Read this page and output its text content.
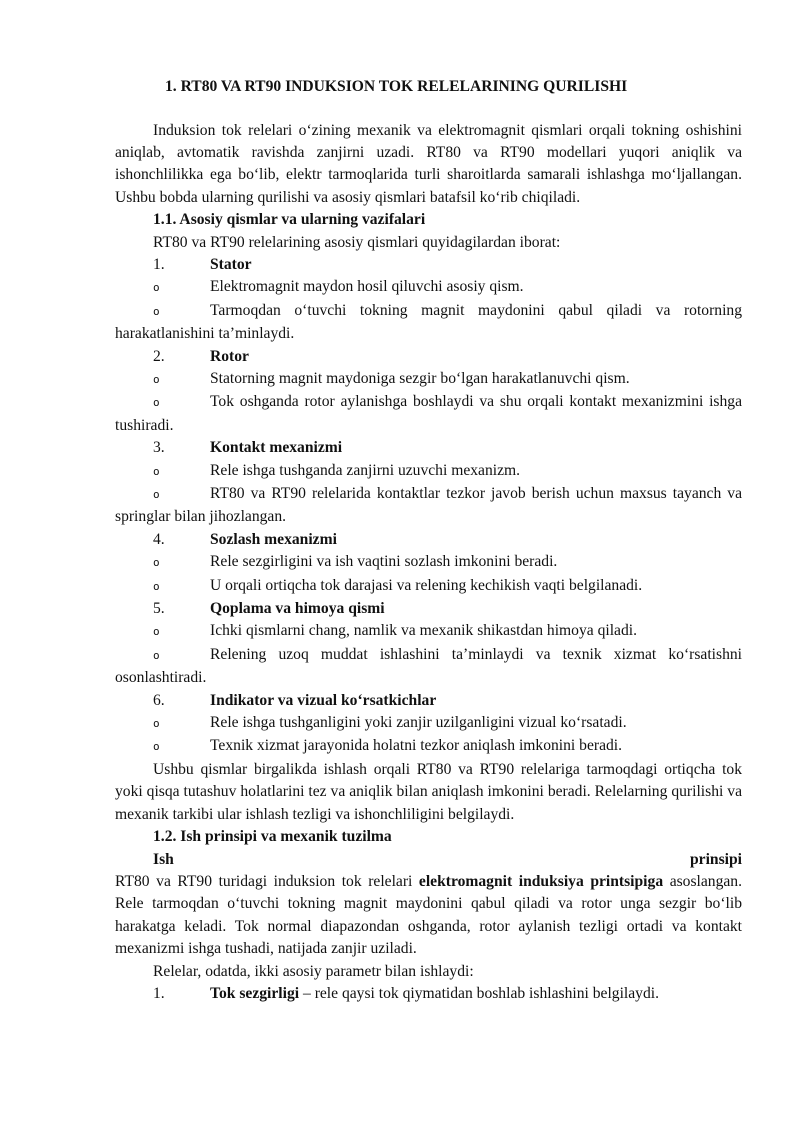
1. RT80 VA RT90 INDUKSION TOK RELELARINING QURILISHI

Induksion tok relelari o‘zining mexanik va elektromagnit qismlari orqali tokning oshishini aniqlab, avtomatik ravishda zanjirni uzadi. RT80 va RT90 modellari yuqori aniqlik va ishonchlilikka ega bo‘lib, elektr tarmoqlarida turli sharoitlarda samarali ishlashga mo‘ljallangan. Ushbu bobda ularning qurilishi va asosiy qismlari batafsil ko‘rib chiqiladi.

1.1. Asosiy qismlar va ularning vazifalari

RT80 va RT90 relelarining asosiy qismlari quyidagilardan iborat:

1.	Stator

o	Elektromagnit maydon hosil qiluvchi asosiy qism.

o	Tarmoqdan o‘tuvchi tokning magnit maydonini qabul qiladi va rotorning harakatlanishini ta’minlaydi.

2.	Rotor

o	Statorning magnit maydoniga sezgir bo‘lgan harakatlanuvchi qism.

o	Tok oshganda rotor aylanishga boshlaydi va shu orqali kontakt mexanizmini ishga tushiradi.

3.	Kontakt mexanizmi

o	Rele ishga tushganda zanjirni uzuvchi mexanizm.

o	RT80 va RT90 relelarida kontaktlar tezkor javob berish uchun maxsus tayanch va springlar bilan jihozlangan.

4.	Sozlash mexanizmi

o	Rele sezgirligini va ish vaqtini sozlash imkonini beradi.

o	U orqali ortiqcha tok darajasi va relening kechikish vaqti belgilanadi.

5.	Qoplama va himoya qismi

o	Ichki qismlarni chang, namlik va mexanik shikastdan himoya qiladi.

o	Relening uzoq muddat ishlashini ta’minlaydi va texnik xizmat ko‘rsatishni osonlashtiradi.

6.	Indikator va vizual ko‘rsatkichlar

o	Rele ishga tushganligini yoki zanjir uzilganligini vizual ko‘rsatadi.

o	Texnik xizmat jarayonida holatni tezkor aniqlash imkonini beradi.

Ushbu qismlar birgalikda ishlash orqali RT80 va RT90 relelariga tarmoqdagi ortiqcha tok yoki qisqa tutashuv holatlarini tez va aniqlik bilan aniqlash imkonini beradi. Relelarning qurilishi va mexanik tarkibi ular ishlash tezligi va ishonchliligini belgilaydi.

1.2. Ish prinsipi va mexanik tuzilma

Ish	prinsipi

RT80 va RT90 turidagi induksion tok relelari elektromagnit induksiya printsipiga asoslangan. Rele tarmoqdan o‘tuvchi tokning magnit maydonini qabul qiladi va rotor unga sezgir bo‘lib harakatga keladi. Tok normal diapazondan oshganda, rotor aylanish tezligi ortadi va kontakt mexanizmi ishga tushadi, natijada zanjir uziladi.

Relelar, odatda, ikki asosiy parametr bilan ishlaydi:

1.	Tok sezgirligi – rele qaysi tok qiymatidan boshlab ishlashini belgilaydi.
